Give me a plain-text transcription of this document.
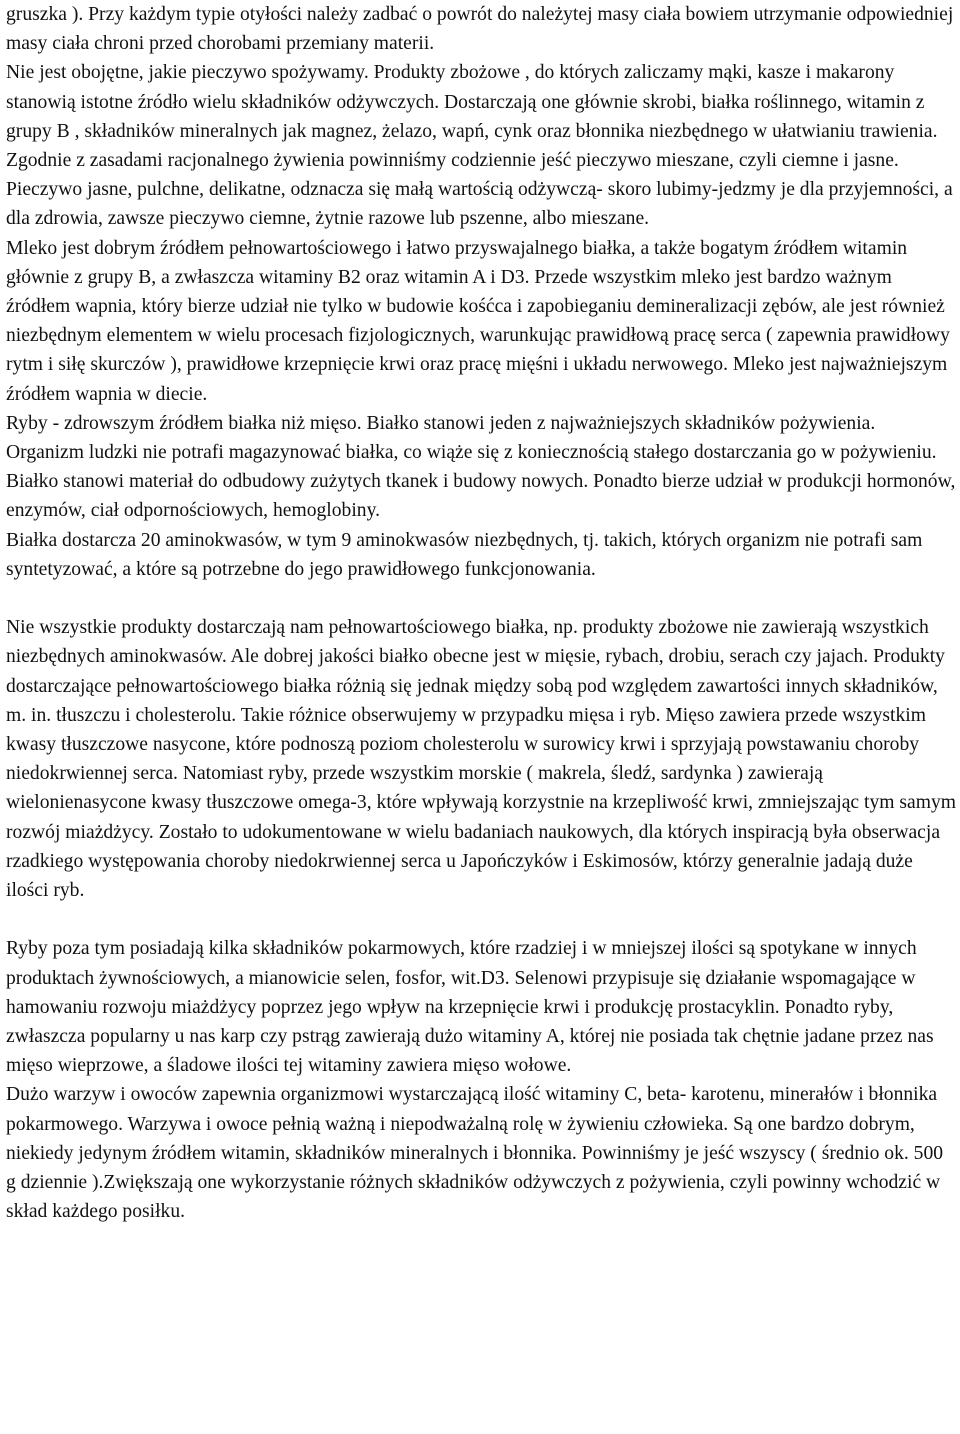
gruszka ). Przy każdym typie otyłości należy zadbać o powrót do należytej masy ciała bowiem utrzymanie odpowiedniej masy ciała chroni przed chorobami przemiany materii.

Nie jest obojętne, jakie pieczywo spożywamy. Produkty zbożowe , do których zaliczamy mąki, kasze i makarony stanowią istotne źródło wielu składników odżywczych. Dostarczają one głównie skrobi, białka roślinnego, witamin z grupy B , składników mineralnych jak magnez, żelazo, wapń, cynk oraz błonnika niezbędnego w ułatwianiu trawienia. Zgodnie z zasadami racjonalnego żywienia powinniśmy codziennie jeść pieczywo mieszane, czyli ciemne i jasne. Pieczywo jasne, pulchne, delikatne, odznacza się małą wartością odżywczą- skoro lubimy-jedzmy je dla przyjemności, a dla zdrowia, zawsze pieczywo ciemne, żytnie razowe lub pszenne, albo mieszane.

Mleko jest dobrym źródłem pełnowartościowego i łatwo przyswajalnego białka, a także bogatym źródłem witamin głównie z grupy B, a zwłaszcza witaminy B2 oraz witamin A i D3. Przede wszystkim mleko jest bardzo ważnym źródłem wapnia, który bierze udział nie tylko w budowie kośćca i zapobieganiu demineralizacji zębów, ale jest również niezbędnym elementem w wielu procesach fizjologicznych, warunkując prawidłową pracę serca ( zapewnia prawidłowy rytm i siłę skurczów ), prawidłowe krzepnięcie krwi oraz pracę mięśni i układu nerwowego. Mleko jest najważniejszym źródłem wapnia w diecie.

Ryby - zdrowszym źródłem białka niż mięso. Białko stanowi jeden z najważniejszych składników pożywienia. Organizm ludzki nie potrafi magazynować białka, co wiąże się z koniecznością stałego dostarczania go w pożywieniu. Białko stanowi materiał do odbudowy zużytych tkanek i budowy nowych. Ponadto bierze udział w produkcji hormonów, enzymów, ciał odpornościowych, hemoglobiny.

Białka dostarcza 20 aminokwasów, w tym 9 aminokwasów niezbędnych, tj. takich, których organizm nie potrafi sam syntetyzować, a które są potrzebne do jego prawidłowego funkcjonowania.

Nie wszystkie produkty dostarczają nam pełnowartościowego białka, np. produkty zbożowe nie zawierają wszystkich niezbędnych aminokwasów. Ale dobrej jakości białko obecne jest w mięsie, rybach, drobiu, serach czy jajach. Produkty dostarczające pełnowartościowego białka różnią się jednak między sobą pod względem zawartości innych składników, m. in. tłuszczu i cholesterolu. Takie różnice obserwujemy w przypadku mięsa i ryb. Mięso zawiera przede wszystkim kwasy tłuszczowe nasycone, które podnoszą poziom cholesterolu w surowicy krwi i sprzyjają powstawaniu choroby niedokrwiennej serca. Natomiast ryby, przede wszystkim morskie ( makrela, śledź, sardynka ) zawierają wielonienasycone kwasy tłuszczowe omega-3, które wpływają korzystnie na krzepliwość krwi, zmniejszając tym samym rozwój miażdżycy. Zostało to udokumentowane w wielu badaniach naukowych, dla których inspiracją była obserwacja rzadkiego występowania choroby niedokrwiennej serca u Japończyków i Eskimosów, którzy generalnie jadają duże ilości ryb.

Ryby poza tym posiadają kilka składników pokarmowych, które rzadziej i w mniejszej ilości są spotykane w innych produktach żywnościowych, a mianowicie selen, fosfor, wit.D3. Selenowi przypisuje się działanie wspomagające w hamowaniu rozwoju miażdżycy poprzez jego wpływ na krzepnięcie krwi i produkcję prostacyklin. Ponadto ryby, zwłaszcza popularny u nas karp czy pstrąg zawierają dużo witaminy A, której nie posiada tak chętnie jadane przez nas mięso wieprzowe, a śladowe ilości tej witaminy zawiera mięso wołowe.

Dużo warzyw i owoców zapewnia organizmowi wystarczającą ilość witaminy C, beta- karotenu, minerałów i błonnika pokarmowego. Warzywa i owoce pełnią ważną i niepodważalną rolę w żywieniu człowieka. Są one bardzo dobrym, niekiedy jedynym źródłem witamin, składników mineralnych i błonnika. Powinniśmy je jeść wszyscy ( średnio ok. 500 g dziennie ).Zwiększają one wykorzystanie różnych składników odżywczych z pożywienia, czyli powinny wchodzić w skład każdego posiłku.
